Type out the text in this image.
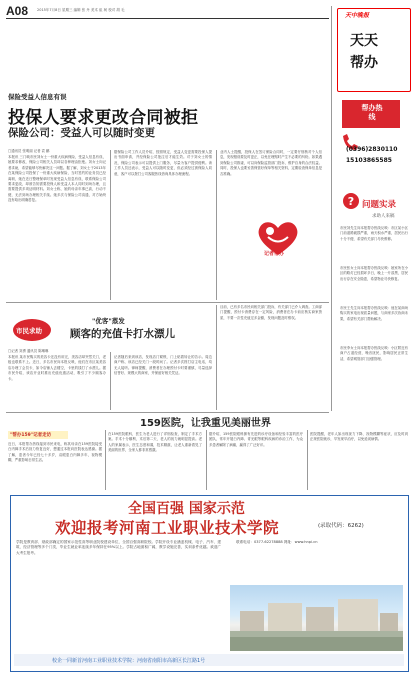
A08	2015年7月8日 星期三 编辑 张 丹 美术 崔 柯 校对 胡 毛
保险受益人信息有误
投保人要求更改合同被拒
保险公司：受益人可以随时变更
□通讯员 张明丽 记者 袁 鹏
本报讯 三门峡市民刘女士一份重大疾病保险，受益人信息有误，她要求修改，保险公司相关人员却以各种理由拒绝。刘女士向记者求助，希望能够尽快解决这一问题。据了解，刘女士于2013年在某保险公司投保了一份重大疾病保险，当时签约的业务员已经离职，她在近日整理保单时发现受益人信息有误，联系保险公司要求更改，却被告知需要投保人和受益人本人同时到场办理，且需要提供多项证明材料。刘女士称，她的母亲年事已高，行动不便，无法到场办理相关手续。她多次与保险公司沟通，对方始终没有给出明确答复。
据保险公司工作人员介绍，按照规定，受益人变更需要投保人提出书面申请，并经保险公司批注后才能生效。对于刘女士的情况，保险公司表示可以提供上门服务，尽量为客户提供便利。该工作人员还表示，受益人可以随时变更，但必须经过被保险人同意，客户可以拨打公司客服热线咨询具体办理流程。
业内人士提醒，投保人在签订保险合同时，一定要仔细核对个人信息，发现错误要及时更正，以免在理赔时产生不必要的纠纷。如果遇到保险公司推诿，可以向保险监管部门投诉，维护自身的合法权益。同时，投保人也要妥善保管好保单等相关资料，定期检查保单信息是否准确。
记者帮办
市民求助
"优客"蒸发
顾客的充值卡打水漂儿
□记者 刘勇 通讯员 陈琳琳
本报讯 某市民购买的美容卡还没有用完，美容店却突然关门，老板也联系不上。近日，多名市民向本报反映，他们在市区某美容店办理了会员卡，如今店铺人去楼空，卡里的钱打了水漂儿。据市民介绍，该店开业时推出充值优惠活动，吸引了不少顾客办卡。
记者随后来到该店，发现店门紧锁，门上贴着转让的告示。周边商户称，该店已经关门一段时间了。记者多次拨打店主电话，均无人接听。律师提醒，消费者在办理预付卡时要谨慎，尽量选择信誉好、规模大的商家，并保留好相关凭证。
目前，已有多名市民向相关部门投诉，有关部门已介入调查。工商部门提醒，预付卡消费存在一定风险，消费者在办卡前应核实商家资质，不要一次性充值过多金额，发现问题及时维权。
159医院，让我重见美丽世界
"帮办159"记者走访
近日，本报帮办热线接到市民来电，称其母亲在159医院接受白内障手术后视力恢复良好，想通过本报向医院表达感谢。据了解，患者今年已经七十多岁，双眼患白内障多年，视物模糊，严重影响日常生活。
在159医院眼科，医生为老人进行了详细检查，制定了手术方案。手术十分顺利，术后第二天，老人的视力就明显提高。老人的家属表示，医生态度和蔼，技术精湛，让老人重新看见了美丽的世界，全家人都非常感激。
据介绍，159医院眼科拥有先进的诊疗设备和经验丰富的医疗团队，常年开展白内障、青光眼等眼科疾病的诊治工作，为众多患者解除了病痛，赢得了广泛好评。
医院提醒，老年人如出现视力下降、视物模糊等症状，应及时到正规医院就诊，早发现早治疗，以免延误病情。
天中晚报
天天
帮办
帮办热线
(0396)2830110
15103865585
? 问题实录
求助人来稿
市民刘先生向本报帮办热线反映：市区某小区门前道路破损严重，雨天积水严重，居民出行十分不便，希望有关部门尽快维修。
市民张女士向本报帮办热线反映：她家所在小区的路灯已经损坏多日，晚上一片漆黑，居民出行存在安全隐患，希望物业尽快修复。
市民王先生向本报帮办热线反映：他在某商场购买的家电出现质量问题，与商家多次协商未果，希望有关部门帮助解决。
市民李女士向本报帮办热线反映：小区附近有商户占道经营，噪音扰民，影响居民正常生活，希望城管部门加强管理。
全国百强 国家示范
欢迎报考河南工业职业技术学院	(录取代码：6262)
学院是教育部、财政部确定的国家示范性高等职业院校建设单位，全国百强高职院校。学院开设专业涵盖机械、电子、汽车、建筑、经济管理等多个门类，毕业生就业率连续多年保持在95%以上。学院占地面积广阔，教学设施完善，实训条件优越。欢迎广大考生报考。
联系电话：0377-62278888 网址：www.hnpi.cn
校企一同新首河南工业职业技术学院：河南省南阳市高新区长江路1号
